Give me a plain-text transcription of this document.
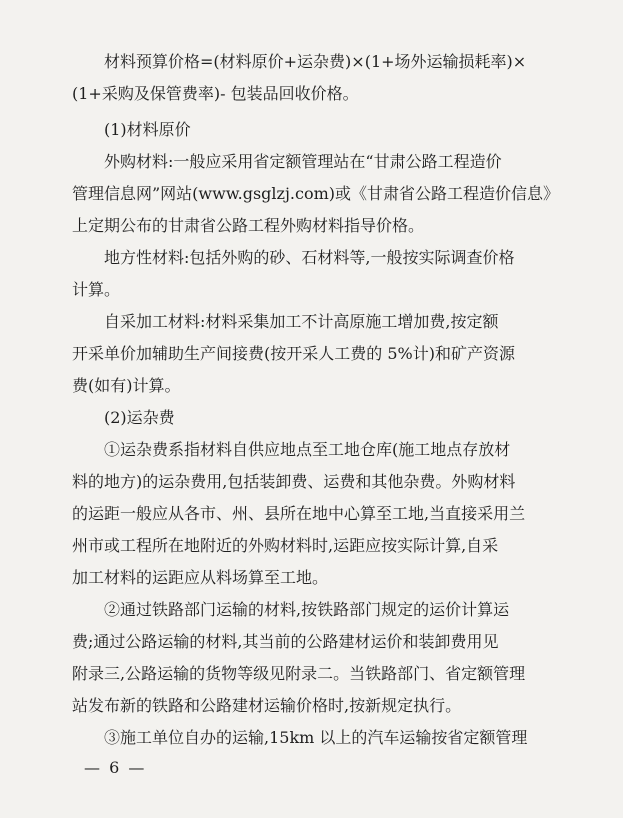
材料预算价格=(材料原价+运杂费)×(1+场外运输损耗率)×
(1+采购及保管费率)- 包装品回收价格。
(1)材料原价
外购材料:一般应采用省定额管理站在“甘肃公路工程造价
管理信息网”网站(www.gsglzj.com)或《甘肃省公路工程造价信息》
上定期公布的甘肃省公路工程外购材料指导价格。
地方性材料:包括外购的砂、石材料等,一般按实际调查价格
计算。
自采加工材料:材料采集加工不计高原施工增加费,按定额
开采单价加辅助生产间接费(按开采人工费的 5%计)和矿产资源
费(如有)计算。
(2)运杂费
①运杂费系指材料自供应地点至工地仓库(施工地点存放材
料的地方)的运杂费用,包括装卸费、运费和其他杂费。外购材料
的运距一般应从各市、州、县所在地中心算至工地,当直接采用兰
州市或工程所在地附近的外购材料时,运距应按实际计算,自采
加工材料的运距应从料场算至工地。
②通过铁路部门运输的材料,按铁路部门规定的运价计算运
费;通过公路运输的材料,其当前的公路建材运价和装卸费用见
附录三,公路运输的货物等级见附录二。当铁路部门、省定额管理
站发布新的铁路和公路建材运输价格时,按新规定执行。
③施工单位自办的运输,15km 以上的汽车运输按省定额管理
— 6 —
